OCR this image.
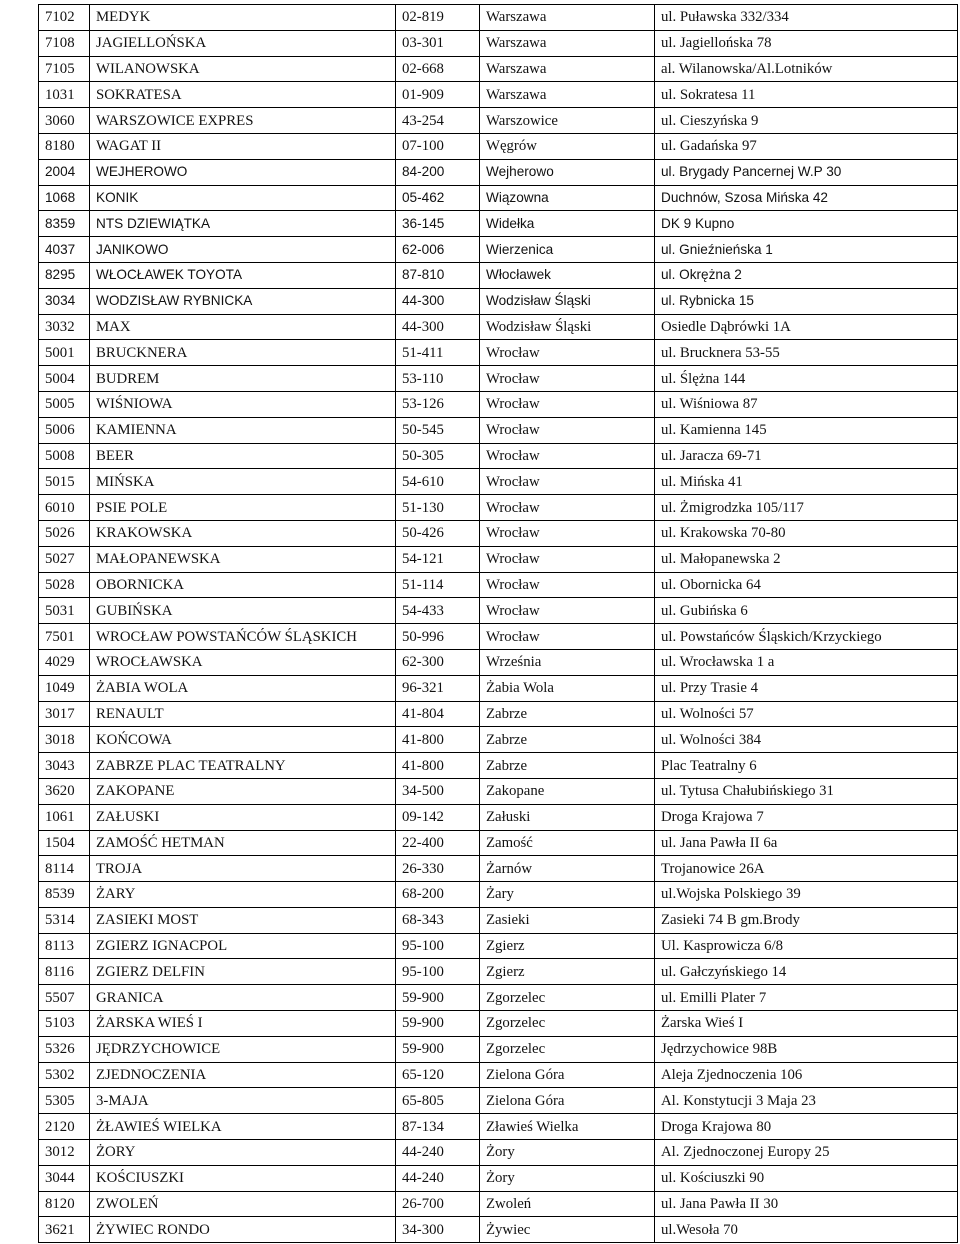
7102	MEDYK	02-819	Warszawa	ul. Puławska 332/334
7108	JAGIELLOŃSKA	03-301	Warszawa	ul. Jagiellońska 78
7105	WILANOWSKA	02-668	Warszawa	al. Wilanowska/Al.Lotników
1031	SOKRATESA	01-909	Warszawa	ul. Sokratesa 11
3060	WARSZOWICE EXPRES	43-254	Warszowice	ul. Cieszyńska 9
8180	WAGAT II	07-100	Węgrów	ul. Gadańska 97
2004	WEJHEROWO	84-200	Wejherowo	ul. Brygady Pancernej W.P 30
1068	KONIK	05-462	Wiązowna	Duchnów, Szosa Mińska 42
8359	NTS DZIEWIĄTKA	36-145	Widełka	DK 9 Kupno
4037	JANIKOWO	62-006	Wierzenica	ul. Gnieźnieńska 1
8295	WŁOCŁAWEK TOYOTA	87-810	Włocławek	ul. Okrężna 2
3034	WODZISŁAW RYBNICKA	44-300	Wodzisław Śląski	ul. Rybnicka 15
3032	MAX	44-300	Wodzisław Śląski	Osiedle Dąbrówki 1A
5001	BRUCKNERA	51-411	Wrocław	ul. Brucknera 53-55
5004	BUDREM	53-110	Wrocław	ul. Ślężna 144
5005	WIŚNIOWA	53-126	Wrocław	ul. Wiśniowa 87
5006	KAMIENNA	50-545	Wrocław	ul. Kamienna 145
5008	BEER	50-305	Wrocław	ul. Jaracza 69-71
5015	MIŃSKA	54-610	Wrocław	ul. Mińska 41
6010	PSIE POLE	51-130	Wrocław	ul. Żmigrodzka 105/117
5026	KRAKOWSKA	50-426	Wrocław	ul. Krakowska 70-80
5027	MAŁOPANEWSKA	54-121	Wrocław	ul. Małopanewska 2
5028	OBORNICKA	51-114	Wrocław	ul. Obornicka 64
5031	GUBIŃSKA	54-433	Wrocław	ul. Gubińska 6
7501	WROCŁAW POWSTAŃCÓW ŚLĄSKICH	50-996	Wrocław	ul. Powstańców Śląskich/Krzyckiego
4029	WROCŁAWSKA	62-300	Września	ul. Wrocławska 1 a
1049	ŻABIA WOLA	96-321	Żabia Wola	ul. Przy Trasie 4
3017	RENAULT	41-804	Zabrze	ul. Wolności 57
3018	KOŃCOWA	41-800	Zabrze	ul. Wolności 384
3043	ZABRZE PLAC TEATRALNY	41-800	Zabrze	Plac Teatralny 6
3620	ZAKOPANE	34-500	Zakopane	ul. Tytusa Chałubińskiego 31
1061	ZAŁUSKI	09-142	Załuski	Droga Krajowa 7
1504	ZAMOŚĆ HETMAN	22-400	Zamość	ul. Jana Pawła II 6a
8114	TROJA	26-330	Żarnów	Trojanowice 26A
8539	ŻARY	68-200	Żary	ul.Wojska Polskiego 39
5314	ZASIEKI MOST	68-343	Zasieki	Zasieki 74 B gm.Brody
8113	ZGIERZ IGNACPOL	95-100	Zgierz	Ul. Kasprowicza 6/8
8116	ZGIERZ DELFIN	95-100	Zgierz	ul. Gałczyńskiego 14
5507	GRANICA	59-900	Zgorzelec	ul. Emilli Plater 7
5103	ŻARSKA WIEŚ I	59-900	Zgorzelec	Żarska Wieś I
5326	JĘDRZYCHOWICE	59-900	Zgorzelec	Jędrzychowice 98B
5302	ZJEDNOCZENIA	65-120	Zielona Góra	Aleja Zjednoczenia 106
5305	3-MAJA	65-805	Zielona Góra	Al. Konstytucji 3 Maja 23
2120	ŻŁAWIEŚ WIELKA	87-134	Zławieś Wielka	Droga Krajowa 80
3012	ŻORY	44-240	Żory	Al. Zjednoczonej Europy 25
3044	KOŚCIUSZKI	44-240	Żory	ul. Kościuszki 90
8120	ZWOLEŃ	26-700	Zwoleń	ul. Jana Pawła II 30
3621	ŻYWIEC RONDO	34-300	Żywiec	ul.Wesoła 70
